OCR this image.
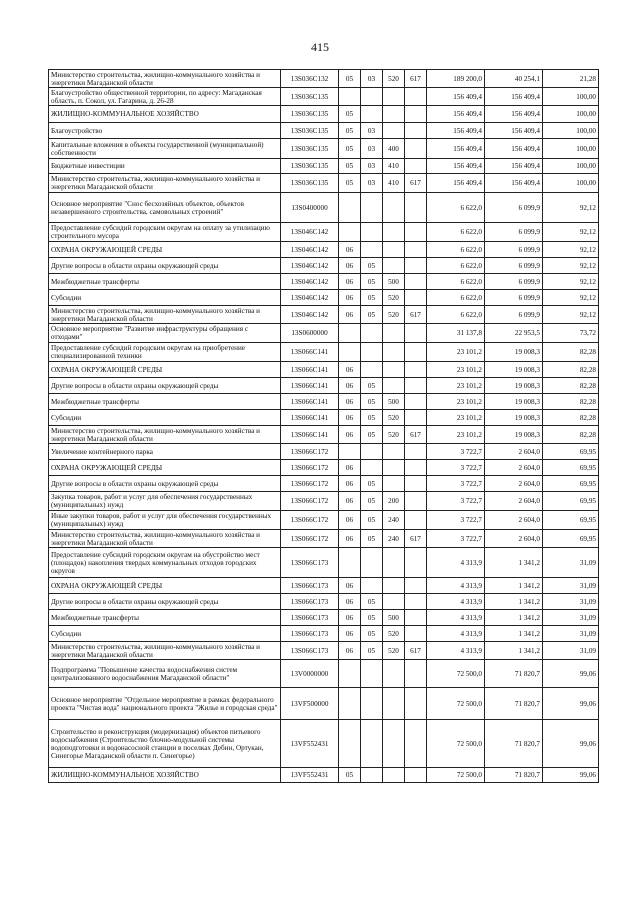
415
Министерство строительства, жилищно-коммунального хозяйства и энергетики Магаданской области	13S036C132	05	03	520	617	189 200,0	40 254,1	21,28
Благоустройство общественной территории, по адресу: Магаданская область, п. Сокол, ул. Гагарина, д. 26-28	13S036C135					156 409,4	156 409,4	100,00
ЖИЛИЩНО-КОММУНАЛЬНОЕ ХОЗЯЙСТВО	13S036C135	05				156 409,4	156 409,4	100,00
Благоустройство	13S036C135	05	03			156 409,4	156 409,4	100,00
Капитальные вложения в объекты государственной (муниципальной) собственности	13S036C135	05	03	400		156 409,4	156 409,4	100,00
Бюджетные инвестиции	13S036C135	05	03	410		156 409,4	156 409,4	100,00
Министерство строительства, жилищно-коммунального хозяйства и энергетики Магаданской области	13S036C135	05	03	410	617	156 409,4	156 409,4	100,00
Основное мероприятие "Снос бесхозяйных объектов, объектов незавершенного строительства, самовольных строений"	13S0400000					6 622,0	6 099,9	92,12
Предоставление субсидий городским округам на оплату за утилизацию строительного мусора	13S046C142					6 622,0	6 099,9	92,12
ОХРАНА ОКРУЖАЮЩЕЙ СРЕДЫ	13S046C142	06				6 622,0	6 099,9	92,12
Другие вопросы в области охраны окружающей среды	13S046C142	06	05			6 622,0	6 099,9	92,12
Межбюджетные трансферты	13S046C142	06	05	500		6 622,0	6 099,9	92,12
Субсидии	13S046C142	06	05	520		6 622,0	6 099,9	92,12
Министерство строительства, жилищно-коммунального хозяйства и энергетики Магаданской области	13S046C142	06	05	520	617	6 622,0	6 099,9	92,12
Основное мероприятие "Развитие инфраструктуры обращения с отходами"	13S0600000					31 137,8	22 953,5	73,72
Предоставление субсидий городским округам на приобретение специализированной техники	13S066C141					23 101,2	19 008,3	82,28
ОХРАНА ОКРУЖАЮЩЕЙ СРЕДЫ	13S066C141	06				23 101,2	19 008,3	82,28
Другие вопросы в области охраны окружающей среды	13S066C141	06	05			23 101,2	19 008,3	82,28
Межбюджетные трансферты	13S066C141	06	05	500		23 101,2	19 008,3	82,28
Субсидии	13S066C141	06	05	520		23 101,2	19 008,3	82,28
Министерство строительства, жилищно-коммунального хозяйства и энергетики Магаданской области	13S066C141	06	05	520	617	23 101,2	19 008,3	82,28
Увеличение контейнерного парка	13S066C172					3 722,7	2 604,0	69,95
ОХРАНА ОКРУЖАЮЩЕЙ СРЕДЫ	13S066C172	06				3 722,7	2 604,0	69,95
Другие вопросы в области охраны окружающей среды	13S066C172	06	05			3 722,7	2 604,0	69,95
Закупка товаров, работ и услуг для обеспечения государственных (муниципальных) нужд	13S066C172	06	05	200		3 722,7	2 604,0	69,95
Иные закупки товаров, работ и услуг для обеспечения государственных (муниципальных) нужд	13S066C172	06	05	240		3 722,7	2 604,0	69,95
Министерство строительства, жилищно-коммунального хозяйства и энергетики Магаданской области	13S066C172	06	05	240	617	3 722,7	2 604,0	69,95
Предоставление субсидий городским округам на обустройство мест (площадок) накопления твердых коммунальных отходов городских округов	13S066C173					4 313,9	1 341,2	31,09
ОХРАНА ОКРУЖАЮЩЕЙ СРЕДЫ	13S066C173	06				4 313,9	1 341,2	31,09
Другие вопросы в области охраны окружающей среды	13S066C173	06	05			4 313,9	1 341,2	31,09
Межбюджетные трансферты	13S066C173	06	05	500		4 313,9	1 341,2	31,09
Субсидии	13S066C173	06	05	520		4 313,9	1 341,2	31,09
Министерство строительства, жилищно-коммунального хозяйства и энергетики Магаданской области	13S066C173	06	05	520	617	4 313,9	1 341,2	31,09
Подпрограмма "Повышение качества водоснабжения систем централизованного водоснабжения Магаданской области"	13V0000000					72 500,0	71 820,7	99,06
Основное мероприятие "Отдельное мероприятие в рамках федерального проекта "Чистая вода" национального проекта "Жилье и городская среда"	13VF500000					72 500,0	71 820,7	99,06
Строительство и реконструкция (модернизация) объектов питьевого водоснабжения (Строительство блочно-модульной системы водоподготовки и водонасосной станции в поселках Дебин, Ортукан, Синегорье Магаданской области п. Синегорье)	13VF552431					72 500,0	71 820,7	99,06
ЖИЛИЩНО-КОММУНАЛЬНОЕ ХОЗЯЙСТВО	13VF552431	05				72 500,0	71 820,7	99,06
